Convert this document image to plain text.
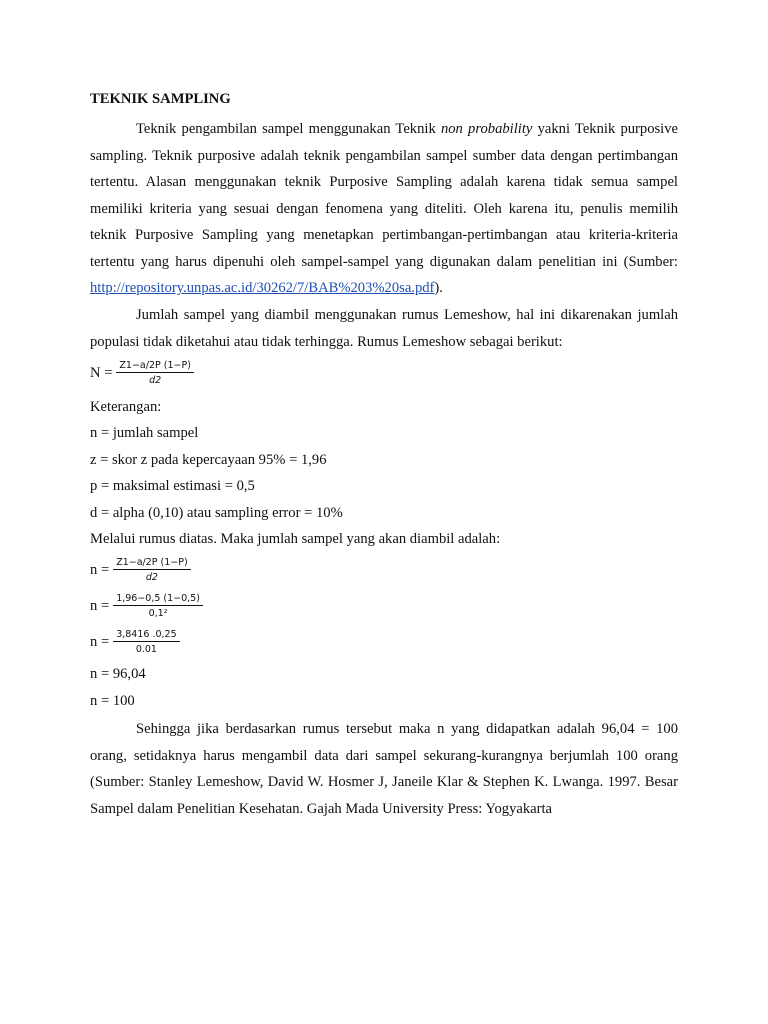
TEKNIK SAMPLING

Teknik pengambilan sampel menggunakan Teknik non probability yakni Teknik purposive sampling. Teknik purposive adalah teknik pengambilan sampel sumber data dengan pertimbangan tertentu. Alasan menggunakan teknik Purposive Sampling adalah karena tidak semua sampel memiliki kriteria yang sesuai dengan fenomena yang diteliti. Oleh karena itu, penulis memilih teknik Purposive Sampling yang menetapkan pertimbangan-pertimbangan atau kriteria-kriteria tertentu yang harus dipenuhi oleh sampel-sampel yang digunakan dalam penelitian ini (Sumber: http://repository.unpas.ac.id/30262/7/BAB%203%20sa.pdf).

Jumlah sampel yang diambil menggunakan rumus Lemeshow, hal ini dikarenakan jumlah populasi tidak diketahui atau tidak terhingga. Rumus Lemeshow sebagai berikut:

$N = \frac{Z1-a/2P (1-P)}{d2}$
Keterangan:
n = jumlah sampel
z = skor z pada kepercayaan 95% = 1,96
p = maksimal estimasi = 0,5
d = alpha (0,10) atau sampling error = 10%
Melalui rumus diatas. Maka jumlah sampel yang akan diambil adalah:
$n = \frac{Z1-a/2P (1-P)}{d2}$
$n = \frac{1,96-0,5 (1-0,5)}{\text{0,1²}}$
$n = \frac{3,8416 .0,25}{0.01}$
n = 96,04
n = 100

Sehingga jika berdasarkan rumus tersebut maka n yang didapatkan adalah 96,04 = 100 orang, setidaknya harus mengambil data dari sampel sekurang-kurangnya berjumlah 100 orang (Sumber: Stanley Lemeshow, David W. Hosmer J, Janeile Klar & Stephen K. Lwanga. 1997. Besar Sampel dalam Penelitian Kesehatan. Gajah Mada University Press: Yogyakarta
